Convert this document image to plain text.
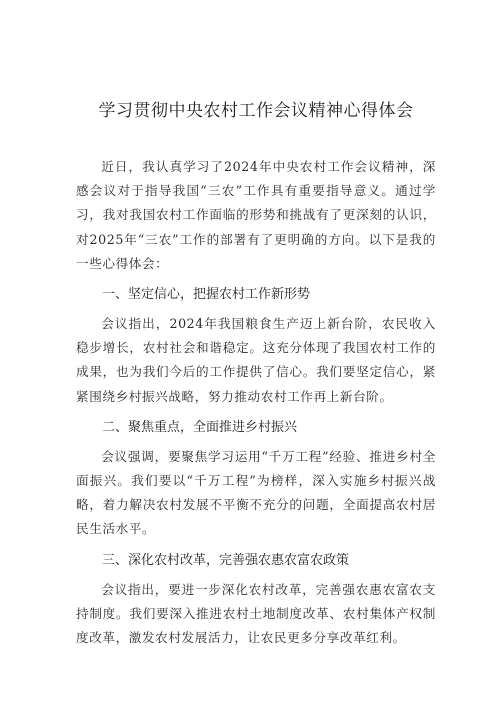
学习贯彻中央农村工作会议精神心得体会

近日，我认真学习了2024年中央农村工作会议精神，深感会议对于指导我国“三农”工作具有重要指导意义。通过学习，我对我国农村工作面临的形势和挑战有了更深刻的认识，对2025年“三农”工作的部署有了更明确的方向。以下是我的一些心得体会：

一、坚定信心，把握农村工作新形势

会议指出，2024年我国粮食生产迈上新台阶，农民收入稳步增长，农村社会和谐稳定。这充分体现了我国农村工作的成果，也为我们今后的工作提供了信心。我们要坚定信心，紧紧围绕乡村振兴战略，努力推动农村工作再上新台阶。

二、聚焦重点，全面推进乡村振兴

会议强调，要聚焦学习运用“千万工程”经验、推进乡村全面振兴。我们要以“千万工程”为榜样，深入实施乡村振兴战略，着力解决农村发展不平衡不充分的问题，全面提高农村居民生活水平。

三、深化农村改革，完善强农惠农富农政策

会议指出，要进一步深化农村改革，完善强农惠农富农支持制度。我们要深入推进农村土地制度改革、农村集体产权制度改革，激发农村发展活力，让农民更多分享改革红利。
